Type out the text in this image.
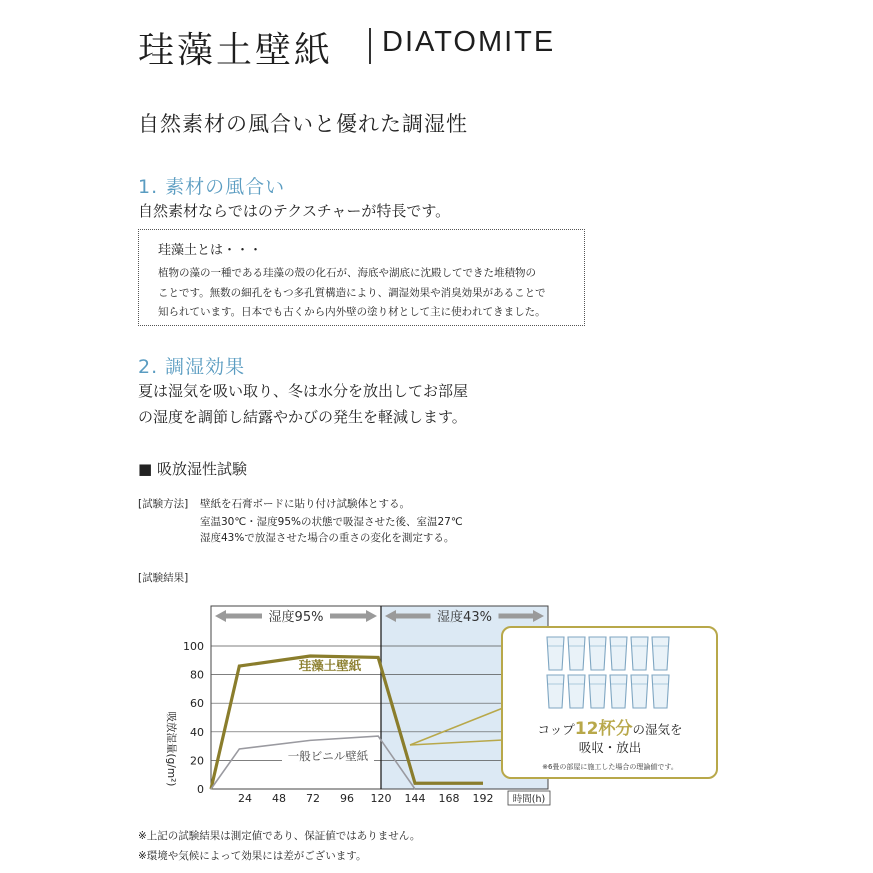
珪藻土壁紙 DIATOMITE
自然素材の風合いと優れた調湿性
1. 素材の風合い
自然素材ならではのテクスチャーが特長です。
珪藻土とは・・・
植物の藻の一種である珪藻の殻の化石が、海底や湖底に沈殿してできた堆積物の
ことです。無数の細孔をもつ多孔質構造により、調湿効果や消臭効果があることで
知られています。日本でも古くから内外壁の塗り材として主に使われてきました。
2. 調湿効果
夏は湿気を吸い取り、冬は水分を放出してお部屋
の湿度を調節し結露やかびの発生を軽減します。
■ 吸放湿性試験
[試験方法] 壁紙を石膏ボードに貼り付け試験体とする。
室温30℃・湿度95%の状態で吸湿させた後、室温27℃
湿度43%で放湿させた場合の重さの変化を測定する。
[試験結果]
0
20
40
60
80
100
24 48 72 96 120 144 168 192 時間(h)
吸放湿量(g/m²)
湿度95%	湿度43%
珪藻土壁紙
一般ビニル壁紙
コップ12杯分の湿気を
吸収・放出
※6畳の部屋に施工した場合の理論値です。
※上記の試験結果は測定値であり、保証値ではありません。
※環境や気候によって効果には差がございます。
